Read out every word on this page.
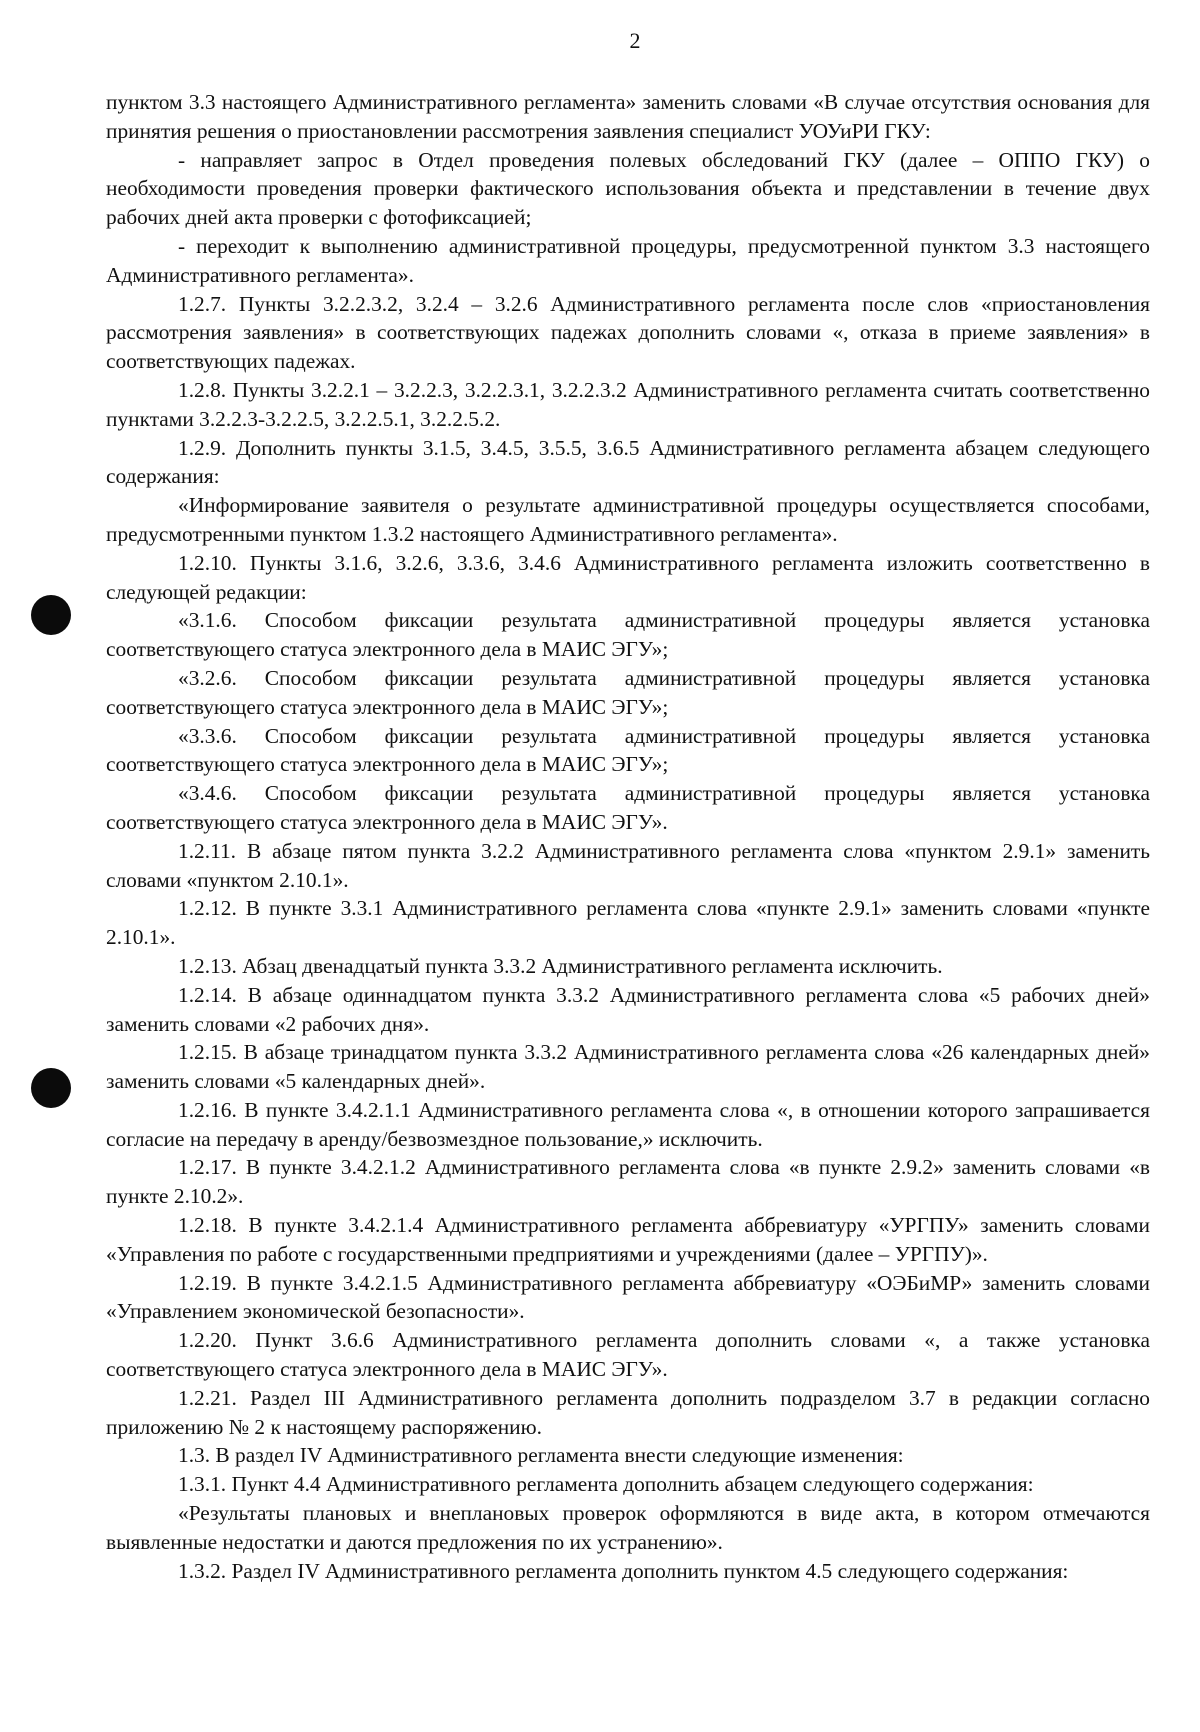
2

пунктом 3.3 настоящего Административного регламента» заменить словами «В случае отсутствия основания для принятия решения о приостановлении рассмотрения заявления специалист УОУиРИ ГКУ:

- направляет запрос в Отдел проведения полевых обследований ГКУ (далее – ОППО ГКУ) о необходимости проведения проверки фактического использования объекта и представлении в течение двух рабочих дней акта проверки с фотофиксацией;

- переходит к выполнению административной процедуры, предусмотренной пунктом 3.3 настоящего Административного регламента».

1.2.7. Пункты 3.2.2.3.2, 3.2.4 – 3.2.6 Административного регламента после слов «приостановления рассмотрения заявления» в соответствующих падежах дополнить словами «, отказа в приеме заявления» в соответствующих падежах.

1.2.8. Пункты 3.2.2.1 – 3.2.2.3, 3.2.2.3.1, 3.2.2.3.2 Административного регламента считать соответственно пунктами 3.2.2.3-3.2.2.5, 3.2.2.5.1, 3.2.2.5.2.

1.2.9. Дополнить пункты 3.1.5, 3.4.5, 3.5.5, 3.6.5 Административного регламента абзацем следующего содержания:

«Информирование заявителя о результате административной процедуры осуществляется способами, предусмотренными пунктом 1.3.2 настоящего Административного регламента».

1.2.10. Пункты 3.1.6, 3.2.6, 3.3.6, 3.4.6 Административного регламента изложить соответственно в следующей редакции:

«3.1.6. Способом фиксации результата административной процедуры является установка соответствующего статуса электронного дела в МАИС ЭГУ»;

«3.2.6. Способом фиксации результата административной процедуры является установка соответствующего статуса электронного дела в МАИС ЭГУ»;

«3.3.6. Способом фиксации результата административной процедуры является установка соответствующего статуса электронного дела в МАИС ЭГУ»;

«3.4.6. Способом фиксации результата административной процедуры является установка соответствующего статуса электронного дела в МАИС ЭГУ».

1.2.11. В абзаце пятом пункта 3.2.2 Административного регламента слова «пунктом 2.9.1» заменить словами «пунктом 2.10.1».

1.2.12. В пункте 3.3.1 Административного регламента слова «пункте 2.9.1» заменить словами «пункте 2.10.1».

1.2.13. Абзац двенадцатый пункта 3.3.2 Административного регламента исключить.

1.2.14. В абзаце одиннадцатом пункта 3.3.2 Административного регламента слова «5 рабочих дней» заменить словами «2 рабочих дня».

1.2.15. В абзаце тринадцатом пункта 3.3.2 Административного регламента слова «26 календарных дней» заменить словами «5 календарных дней».

1.2.16. В пункте 3.4.2.1.1 Административного регламента слова «, в отношении которого запрашивается согласие на передачу в аренду/безвозмездное пользование,» исключить.

1.2.17. В пункте 3.4.2.1.2 Административного регламента слова «в пункте 2.9.2» заменить словами «в пункте 2.10.2».

1.2.18. В пункте 3.4.2.1.4 Административного регламента аббревиатуру «УРГПУ» заменить словами «Управления по работе с государственными предприятиями и учреждениями (далее – УРГПУ)».

1.2.19. В пункте 3.4.2.1.5 Административного регламента аббревиатуру «ОЭБиМР» заменить словами «Управлением экономической безопасности».

1.2.20. Пункт 3.6.6 Административного регламента дополнить словами «, а также установка соответствующего статуса электронного дела в МАИС ЭГУ».

1.2.21. Раздел III Административного регламента дополнить подразделом 3.7 в редакции согласно приложению № 2 к настоящему распоряжению.

1.3. В раздел IV Административного регламента внести следующие изменения:

1.3.1. Пункт 4.4 Административного регламента дополнить абзацем следующего содержания:

«Результаты плановых и внеплановых проверок оформляются в виде акта, в котором отмечаются выявленные недостатки и даются предложения по их устранению».

1.3.2. Раздел IV Административного регламента дополнить пунктом 4.5 следующего содержания:
